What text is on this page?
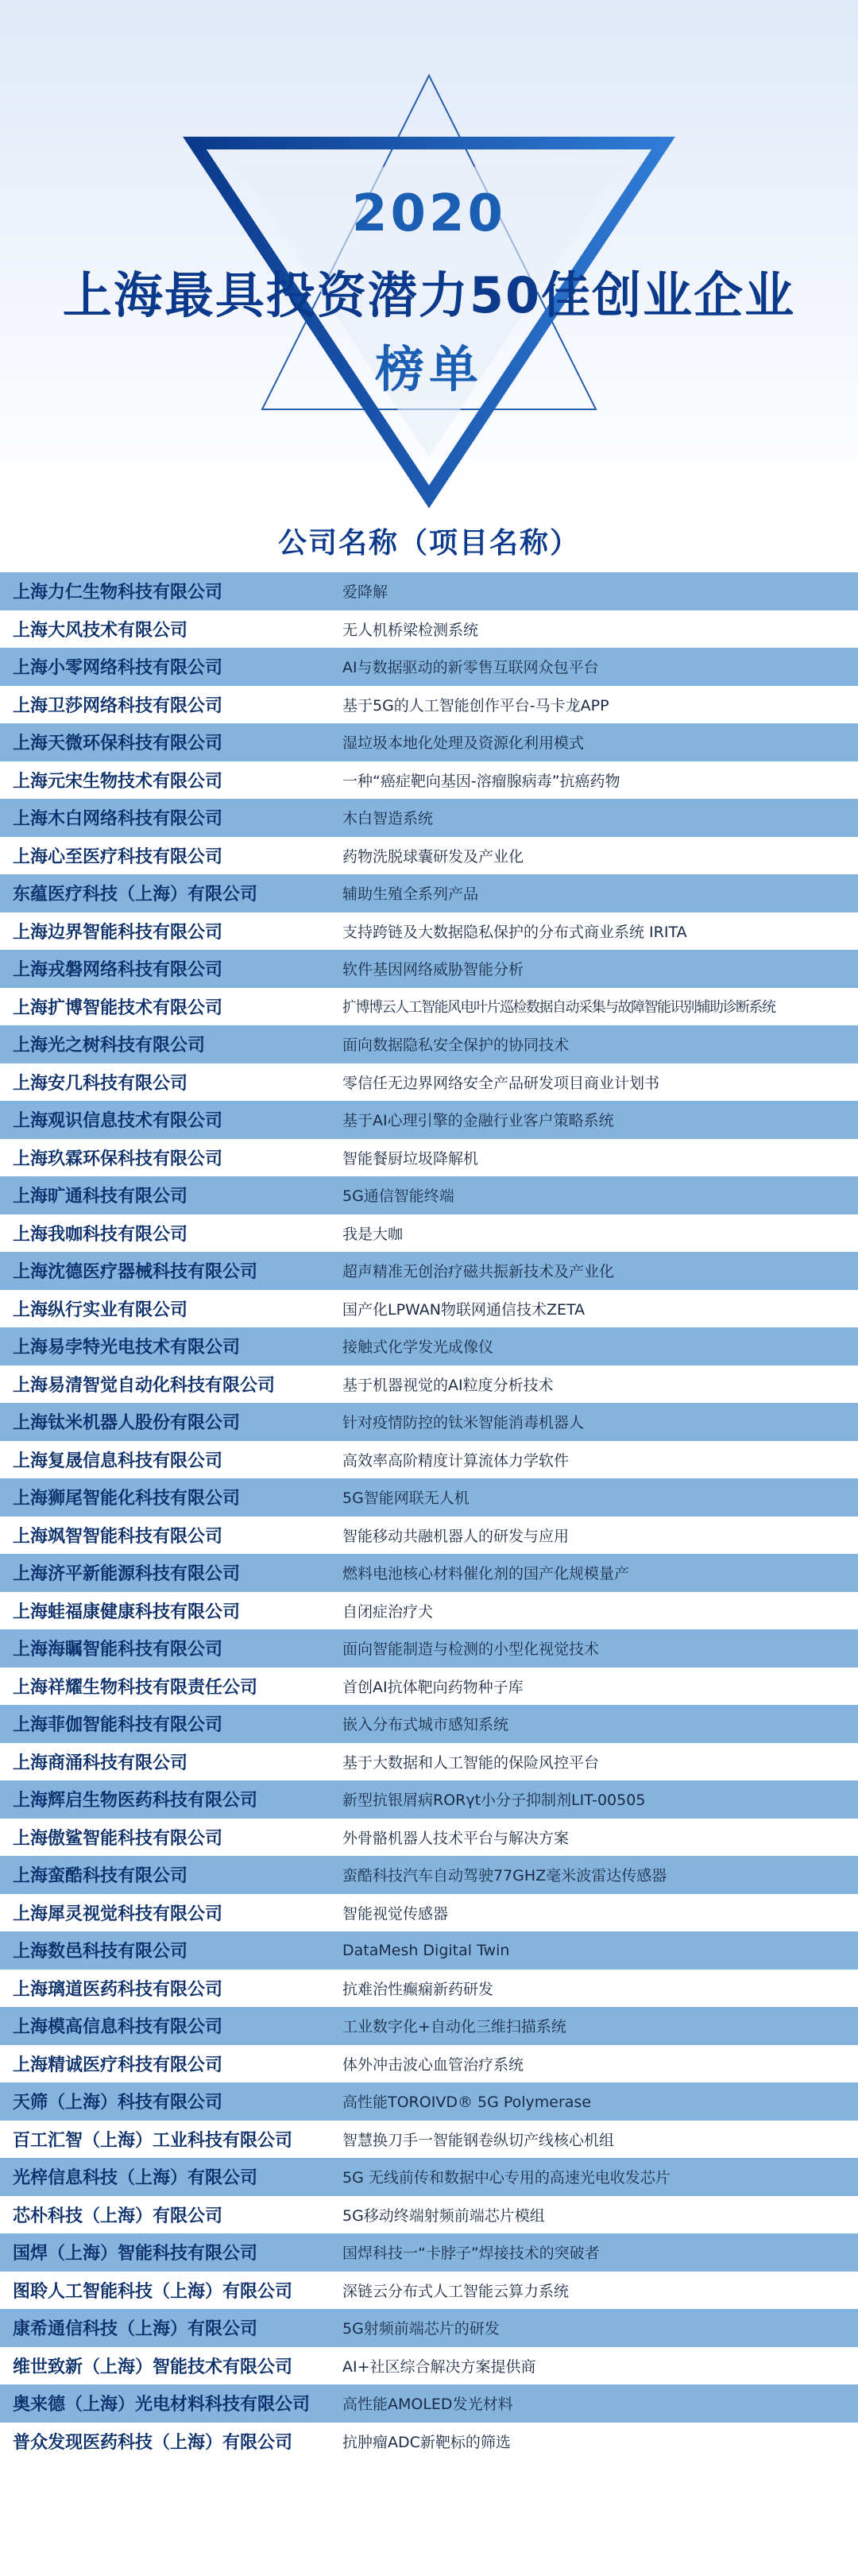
2020
上海最具投资潜力50佳创业企业
榜单
公司名称（项目名称）
上海力仁生物科技有限公司	爱降解
上海大风技术有限公司	无人机桥梁检测系统
上海小零网络科技有限公司	AI与数据驱动的新零售互联网众包平台
上海卫莎网络科技有限公司	基于5G的人工智能创作平台-马卡龙APP
上海天微环保科技有限公司	湿垃圾本地化处理及资源化利用模式
上海元宋生物技术有限公司	一种“癌症靶向基因-溶瘤腺病毒”抗癌药物
上海木白网络科技有限公司	木白智造系统
上海心至医疗科技有限公司	药物洗脱球囊研发及产业化
东蕴医疗科技（上海）有限公司	辅助生殖全系列产品
上海边界智能科技有限公司	支持跨链及大数据隐私保护的分布式商业系统 IRITA
上海戎磐网络科技有限公司	软件基因网络威胁智能分析
上海扩博智能技术有限公司	扩博博云人工智能风电叶片巡检数据自动采集与故障智能识别辅助诊断系统
上海光之树科技有限公司	面向数据隐私安全保护的协同技术
上海安几科技有限公司	零信任无边界网络安全产品研发项目商业计划书
上海观识信息技术有限公司	基于AI心理引擎的金融行业客户策略系统
上海玖霖环保科技有限公司	智能餐厨垃圾降解机
上海旷通科技有限公司	5G通信智能终端
上海我咖科技有限公司	我是大咖
上海沈德医疗器械科技有限公司	超声精准无创治疗磁共振新技术及产业化
上海纵行实业有限公司	国产化LPWAN物联网通信技术ZETA
上海易孛特光电技术有限公司	接触式化学发光成像仪
上海易清智觉自动化科技有限公司	基于机器视觉的AI粒度分析技术
上海钛米机器人股份有限公司	针对疫情防控的钛米智能消毒机器人
上海复晟信息科技有限公司	高效率高阶精度计算流体力学软件
上海狮尾智能化科技有限公司	5G智能网联无人机
上海飒智智能科技有限公司	智能移动共融机器人的研发与应用
上海济平新能源科技有限公司	燃料电池核心材料催化剂的国产化规模量产
上海蛙福康健康科技有限公司	自闭症治疗犬
上海海瞩智能科技有限公司	面向智能制造与检测的小型化视觉技术
上海祥耀生物科技有限责任公司	首创AI抗体靶向药物种子库
上海菲伽智能科技有限公司	嵌入分布式城市感知系统
上海商涌科技有限公司	基于大数据和人工智能的保险风控平台
上海辉启生物医药科技有限公司	新型抗银屑病RORγt小分子抑制剂LIT-00505
上海傲鲨智能科技有限公司	外骨骼机器人技术平台与解决方案
上海蛮酷科技有限公司	蛮酷科技汽车自动驾驶77GHZ毫米波雷达传感器
上海犀灵视觉科技有限公司	智能视觉传感器
上海数邑科技有限公司	DataMesh Digital Twin
上海璃道医药科技有限公司	抗难治性癫痫新药研发
上海模高信息科技有限公司	工业数字化+自动化三维扫描系统
上海精诚医疗科技有限公司	体外冲击波心血管治疗系统
天筛（上海）科技有限公司	高性能TOROIVD® 5G Polymerase
百工汇智（上海）工业科技有限公司	智慧换刀手一智能钢卷纵切产线核心机组
光梓信息科技（上海）有限公司	5G 无线前传和数据中心专用的高速光电收发芯片
芯朴科技（上海）有限公司	5G移动终端射频前端芯片模组
国焊（上海）智能科技有限公司	国焊科技一“卡脖子”焊接技术的突破者
图聆人工智能科技（上海）有限公司	深链云分布式人工智能云算力系统
康希通信科技（上海）有限公司	5G射频前端芯片的研发
维世致新（上海）智能技术有限公司	AI+社区综合解决方案提供商
奥来德（上海）光电材料科技有限公司	高性能AMOLED发光材料
普众发现医药科技（上海）有限公司	抗肿瘤ADC新靶标的筛选
